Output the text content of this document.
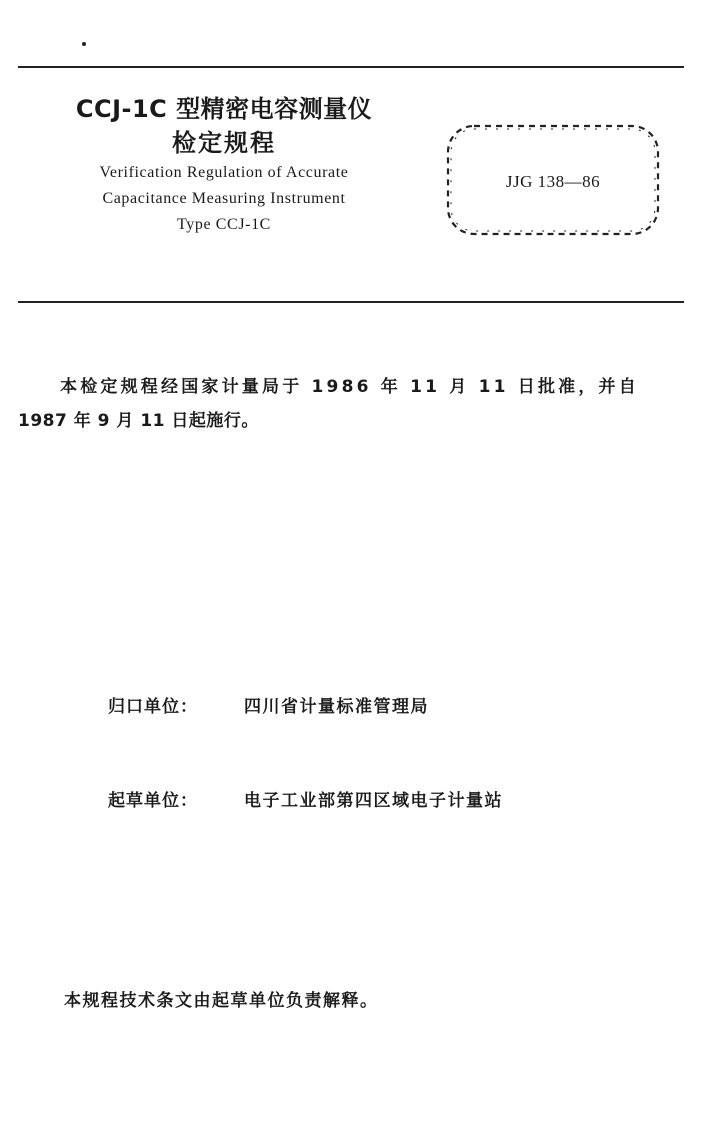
CCJ-1C 型精密电容测量仪
检定规程
Verification Regulation of Accurate
Capacitance Measuring Instrument
Type CCJ-1C
JJG 138—86
本检定规程经国家计量局于 1986 年 11 月 11 日批准，并自
1987 年 9 月 11 日起施行。
归口单位：	四川省计量标准管理局
起草单位：	电子工业部第四区域电子计量站
本规程技术条文由起草单位负责解释。
